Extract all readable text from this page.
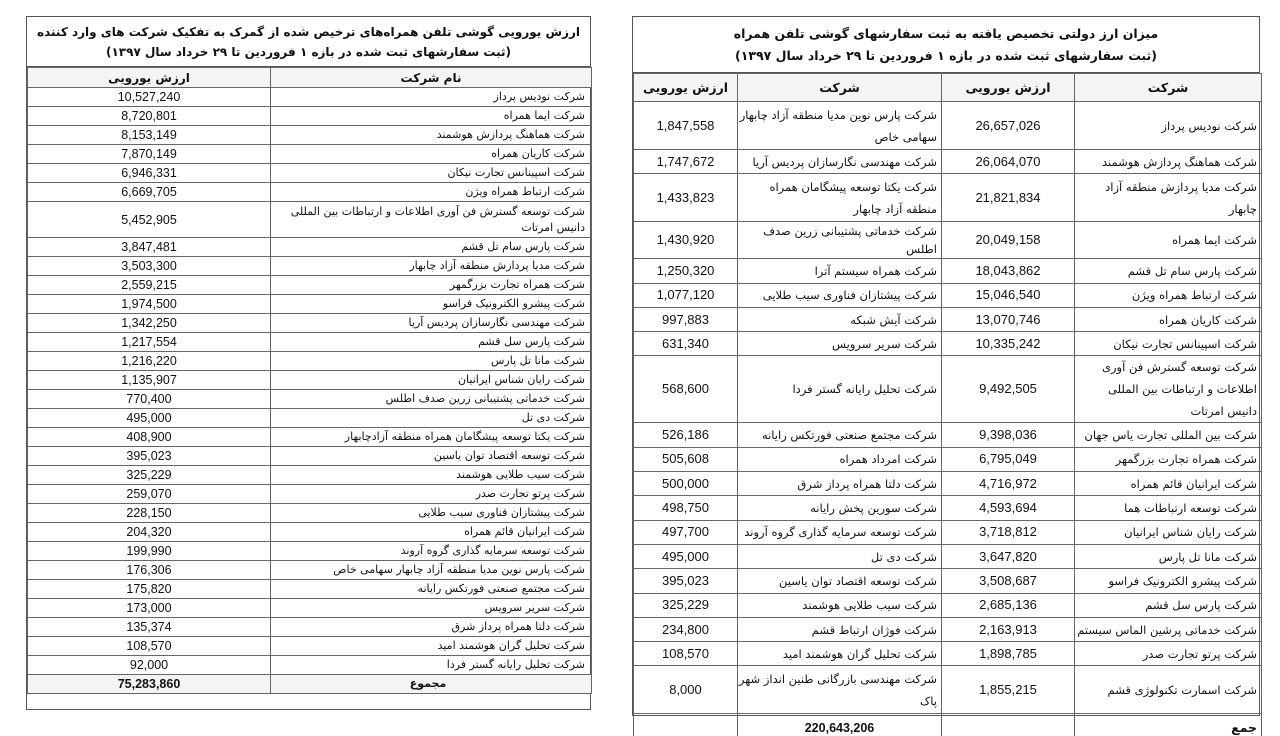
ارزش یورویی گوشی تلفن همراه‌های ترخیص شده از گمرک به تفکیک شرکت های وارد کننده
(ثبت سفارشهای ثبت شده در بازه ۱ فروردین تا ۲۹ خرداد سال ۱۳۹۷)
ارزش یورویی	نام شرکت
10,527,240	شرکت نودیس پرداز
8,720,801	شرکت ایما همراه
8,153,149	شرکت هماهنگ پردازش هوشمند
7,870,149	شرکت کاریان همراه
6,946,331	شرکت اسپینانس تجارت نیکان
6,669,705	شرکت ارتباط همراه ویژن
5,452,905	شرکت توسعه گسترش فن آوری اطلاعات و ارتباطات بین المللی دانیس امرتات
3,847,481	شرکت پارس سام تل قشم
3,503,300	شرکت مدیا پردازش منطقه آزاد چابهار
2,559,215	شرکت همراه تجارت بزرگمهر
1,974,500	شرکت پیشرو الکترونیک فراسو
1,342,250	شرکت مهندسی نگارسازان پردیس آریا
1,217,554	شرکت پارس سل قشم
1,216,220	شرکت مانا تل پارس
1,135,907	شرکت رایان شناس ایرانیان
770,400	شرکت خدماتی پشتیبانی زرین صدف اطلس
495,000	شرکت دی تل
408,900	شرکت یکتا توسعه پیشگامان همراه منطقه آزادچابهار
395,023	شرکت توسعه اقتصاد توان یاسین
325,229	شرکت سیب طلایی هوشمند
259,070	شرکت پرتو تجارت صدر
228,150	شرکت پیشتازان فناوری سیب طلایی
204,320	شرکت ایرانیان قائم همراه
199,990	شرکت توسعه سرمایه گذاری گروه آروند
176,306	شرکت پارس نوین مدیا منطقه آزاد چابهار سهامی خاص
175,820	شرکت مجتمع صنعتی فورتکس رایانه
173,000	شرکت سریر سرویس
135,374	شرکت دلتا همراه پرداز شرق
108,570	شرکت تحلیل گران هوشمند امید
92,000	شرکت تحلیل رایانه گستر فردا
75,283,860	مجموع
میزان ارز دولتی تخصیص یافته به ثبت سفارشهای گوشی تلفن همراه
(ثبت سفارشهای ثبت شده در بازه ۱ فروردین تا ۲۹ خرداد سال ۱۳۹۷)
ارزش یورویی	شرکت	ارزش یورویی	شرکت
1,847,558	شرکت پارس نوین مدیا منطقه آزاد چابهار سهامی خاص	26,657,026	شرکت نودیس پرداز
1,747,672	شرکت مهندسی نگارسازان پردیس آریا	26,064,070	شرکت هماهنگ پردازش هوشمند
1,433,823	شرکت یکتا توسعه پیشگامان همراه منطقه آزاد چابهار	21,821,834	شرکت مدیا پردازش منطقه آزاد چابهار
1,430,920	شرکت خدماتی پشتیبانی زرین صدف اطلس	20,049,158	شرکت ایما همراه
1,250,320	شرکت همراه سیستم آترا	18,043,862	شرکت پارس سام تل قشم
1,077,120	شرکت پیشتازان فناوری سیب طلایی	15,046,540	شرکت ارتباط همراه ویژن
997,883	شرکت آیش شبکه	13,070,746	شرکت کاریان همراه
631,340	شرکت سریر سرویس	10,335,242	شرکت اسپینانس تجارت نیکان
568,600	شرکت تحلیل رایانه گستر فردا	9,492,505	شرکت توسعه گسترش فن آوری اطلاعات و ارتباطات بین المللی دانیس امرتات
526,186	شرکت مجتمع صنعتی فورتکس رایانه	9,398,036	شرکت بین المللی تجارت یاس جهان
505,608	شرکت امرداد همراه	6,795,049	شرکت همراه تجارت بزرگمهر
500,000	شرکت دلتا همراه پرداز شرق	4,716,972	شرکت ایرانیان قائم همراه
498,750	شرکت سورین پخش رایانه	4,593,694	شرکت توسعه ارتباطات هما
497,700	شرکت توسعه سرمایه گذاری گروه آروند	3,718,812	شرکت رایان شناس ایرانیان
495,000	شرکت دی تل	3,647,820	شرکت مانا تل پارس
395,023	شرکت توسعه اقتصاد توان یاسین	3,508,687	شرکت پیشرو الکترونیک فراسو
325,229	شرکت سیب طلایی هوشمند	2,685,136	شرکت پارس سل قشم
234,800	شرکت فوژان ارتباط قشم	2,163,913	شرکت خدماتی پرشین الماس سیستم
108,570	شرکت تحلیل گران هوشمند امید	1,898,785	شرکت پرتو تجارت صدر
8,000	شرکت مهندسی بازرگانی طنین انداز شهر پاک	1,855,215	شرکت اسمارت تکنولوژی قشم
	220,643,206		جمع
